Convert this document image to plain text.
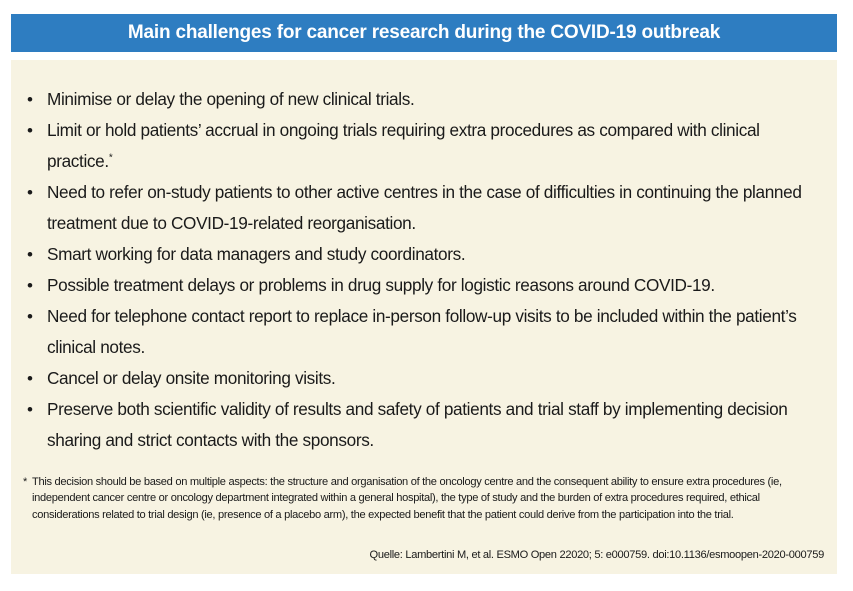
Main challenges for cancer research during the COVID-19 outbreak
• Minimise or delay the opening of new clinical trials.
• Limit or hold patients’ accrual in ongoing trials requiring extra procedures as compared with clinical practice.*
• Need to refer on-study patients to other active centres in the case of difficulties in continuing the planned treatment due to COVID-19-related reorganisation.
• Smart working for data managers and study coordinators.
• Possible treatment delays or problems in drug supply for logistic reasons around COVID-19.
• Need for telephone contact report to replace in-person follow-up visits to be included within the patient’s clinical notes.
• Cancel or delay onsite monitoring visits.
• Preserve both scientific validity of results and safety of patients and trial staff by implementing decision sharing and strict contacts with the sponsors.
* This decision should be based on multiple aspects: the structure and organisation of the oncology centre and the consequent ability to ensure extra procedures (ie, independent cancer centre or oncology department integrated within a general hospital), the type of study and the burden of extra procedures required, ethical considerations related to trial design (ie, presence of a placebo arm), the expected benefit that the patient could derive from the participation into the trial.
Quelle: Lambertini M, et al. ESMO Open 22020; 5: e000759. doi:10.1136/esmoopen-2020-000759
